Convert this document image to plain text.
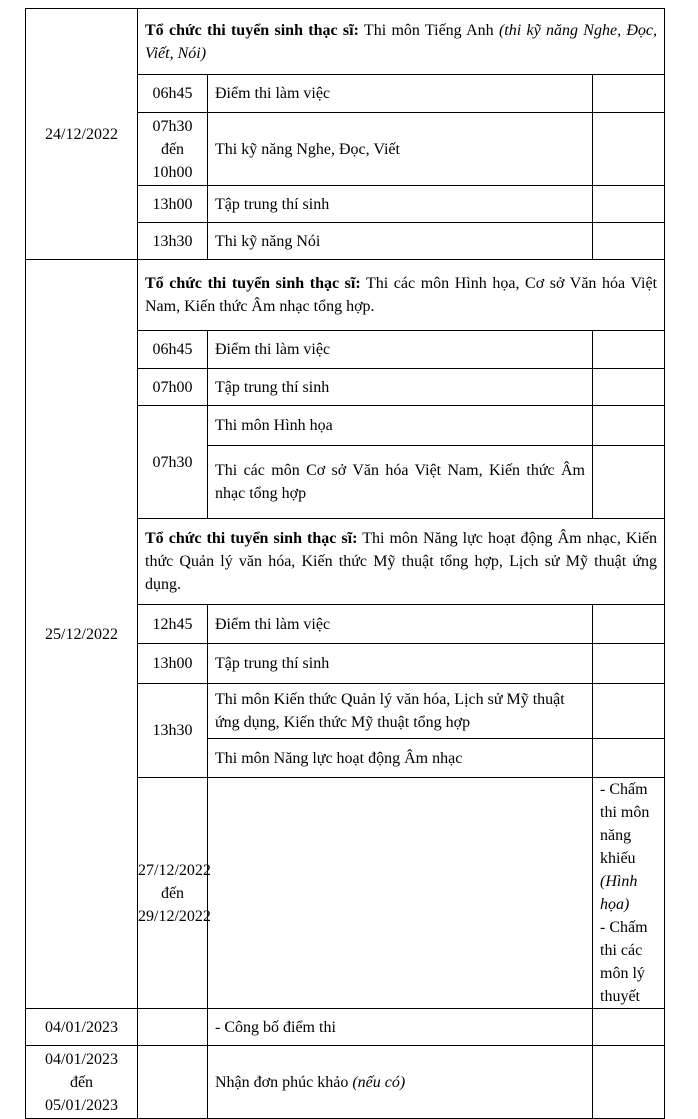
24/12/2022	Tổ chức thi tuyển sinh thạc sĩ: Thi môn Tiếng Anh (thi kỹ năng Nghe, Đọc, Viết, Nói)			
	06h45	Điểm thi làm việc		

	07h30
đến
10h00	Thi kỹ năng Nghe, Đọc, Viết		
	13h00	Tập trung thí sinh		
	13h30	Thi kỹ năng Nói		
25/12/2022	Tổ chức thi tuyển sinh thạc sĩ: Thi các môn Hình họa, Cơ sở Văn hóa Việt Nam, Kiến thức Âm nhạc tổng hợp.			
	06h45	Điểm thi làm việc		
	07h00	Tập trung thí sinh		
	07h30	Thi môn Hình họa		
		Thi các môn Cơ sở Văn hóa Việt Nam, Kiến thức Âm nhạc tổng hợp		
	Tổ chức thi tuyển sinh thạc sĩ: Thi môn Năng lực hoạt động Âm nhạc, Kiến thức Quản lý văn hóa, Kiến thức Mỹ thuật tổng hợp, Lịch sử Mỹ thuật ứng dụng.			
	12h45	Điểm thi làm việc		
	13h00	Tập trung thí sinh		
	13h30	Thi môn Kiến thức Quản lý văn hóa, Lịch sử Mỹ thuật ứng dụng, Kiến thức Mỹ thuật tổng hợp		
		Thi môn Năng lực hoạt động Âm nhạc		

	27/12/2022
đến
29/12/2022		- Chấm thi môn năng khiếu (Hình họa)
- Chấm thi các môn lý thuyết	

04/01/2023		- Công bố điểm thi		

04/01/2023
đến
05/01/2023		Nhận đơn phúc khảo (nếu có)		
